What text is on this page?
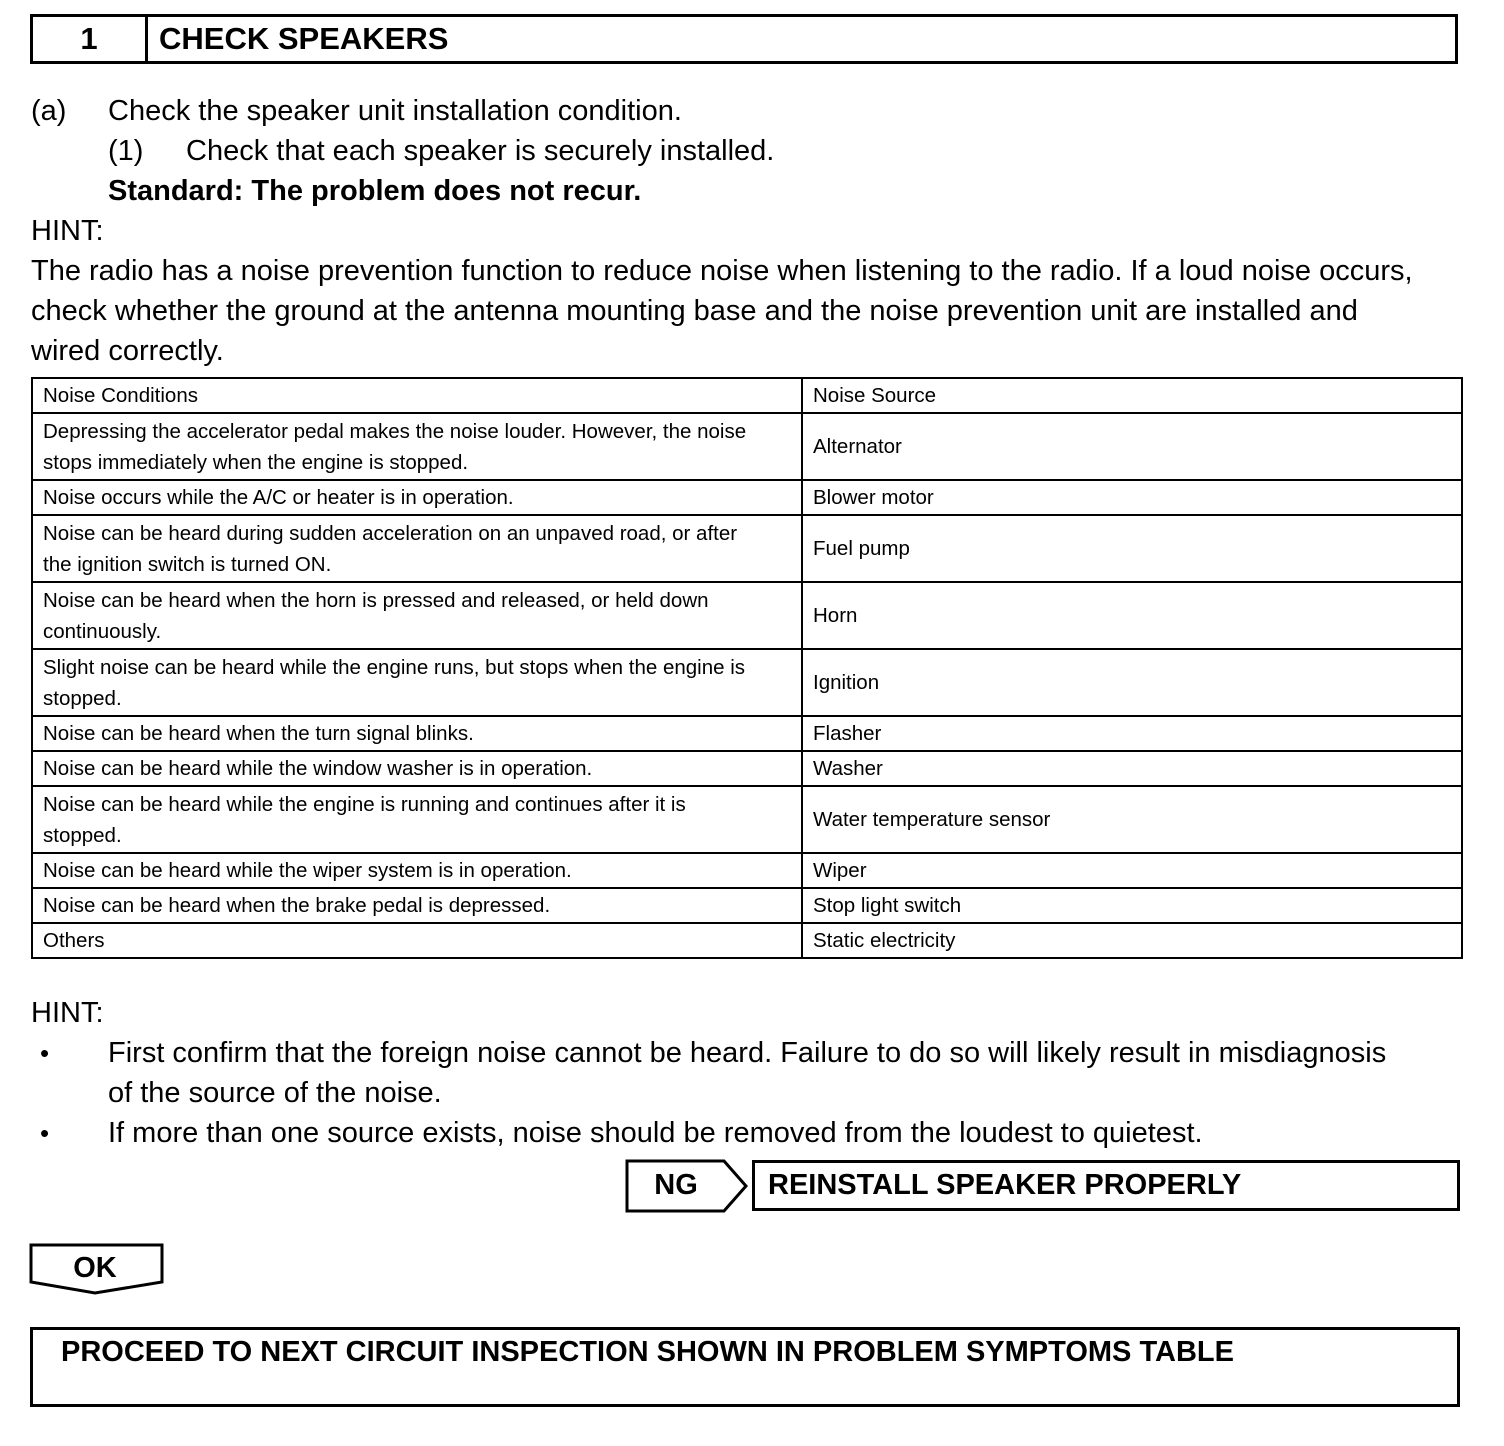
1	CHECK SPEAKERS
(a) Check the speaker unit installation condition.
(1) Check that each speaker is securely installed.
Standard: The problem does not recur.
HINT:
The radio has a noise prevention function to reduce noise when listening to the radio. If a loud noise occurs,
check whether the ground at the antenna mounting base and the noise prevention unit are installed and
wired correctly.
Noise Conditions	Noise Source
Depressing the accelerator pedal makes the noise louder. However, the noise
stops immediately when the engine is stopped.	Alternator
Noise occurs while the A/C or heater is in operation.	Blower motor
Noise can be heard during sudden acceleration on an unpaved road, or after
the ignition switch is turned ON.	Fuel pump
Noise can be heard when the horn is pressed and released, or held down
continuously.	Horn
Slight noise can be heard while the engine runs, but stops when the engine is
stopped.	Ignition
Noise can be heard when the turn signal blinks.	Flasher
Noise can be heard while the window washer is in operation.	Washer
Noise can be heard while the engine is running and continues after it is
stopped.	Water temperature sensor
Noise can be heard while the wiper system is in operation.	Wiper
Noise can be heard when the brake pedal is depressed.	Stop light switch
Others	Static electricity
HINT:
• First confirm that the foreign noise cannot be heard. Failure to do so will likely result in misdiagnosis
of the source of the noise.
• If more than one source exists, noise should be removed from the loudest to quietest.
NG	REINSTALL SPEAKER PROPERLY
OK
PROCEED TO NEXT CIRCUIT INSPECTION SHOWN IN PROBLEM SYMPTOMS TABLE
